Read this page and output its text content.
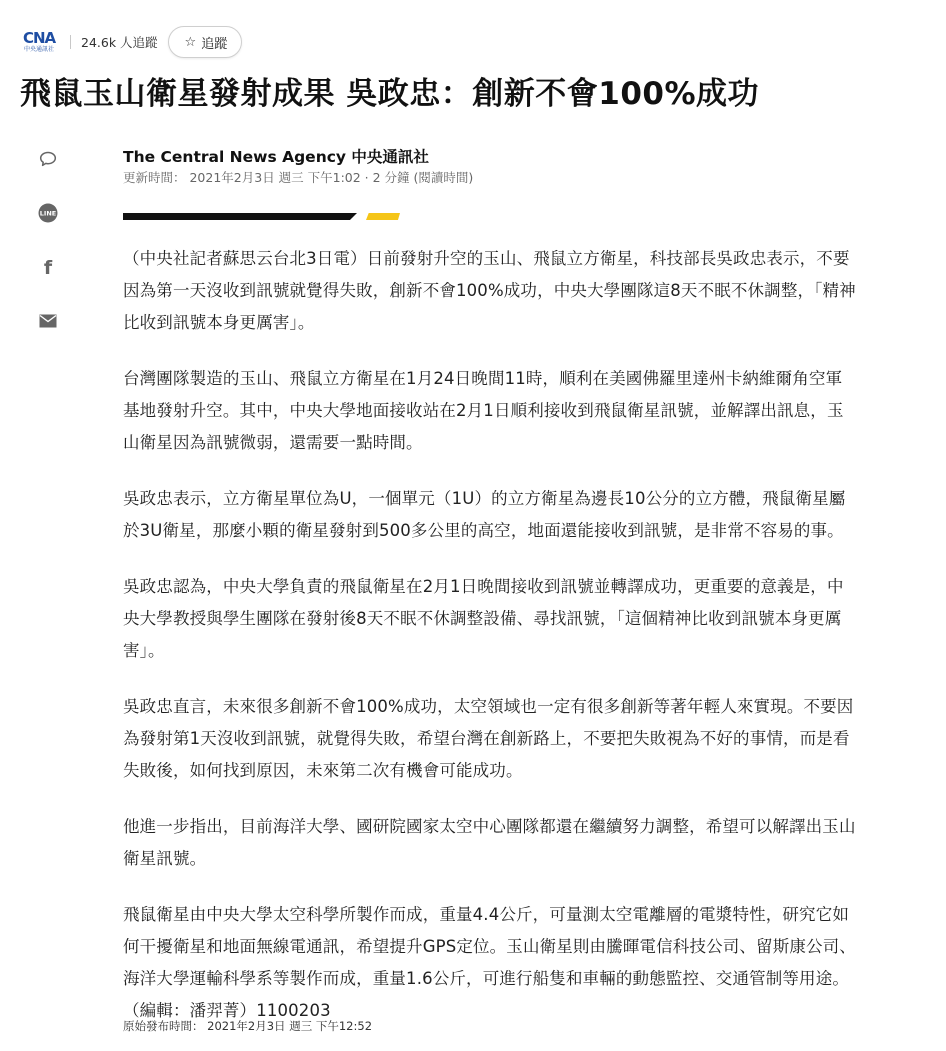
CNA
中央通訊社 24.6k 人追蹤 ☆ 追蹤
飛鼠玉山衛星發射成果 吳政忠：創新不會100%成功
LINE
f
The Central News Agency 中央通訊社
更新時間： 2021年2月3日 週三 下午1:02 · 2 分鐘 (閱讀時間)

（中央社記者蘇思云台北3日電）日前發射升空的玉山、飛鼠立方衛星，科技部長吳政忠表示，不要因為第一天沒收到訊號就覺得失敗，創新不會100%成功，中央大學團隊這8天不眠不休調整，「精神比收到訊號本身更厲害」。

台灣團隊製造的玉山、飛鼠立方衛星在1月24日晚間11時，順利在美國佛羅里達州卡納維爾角空軍基地發射升空。其中，中央大學地面接收站在2月1日順利接收到飛鼠衛星訊號，並解譯出訊息，玉山衛星因為訊號微弱，還需要一點時間。

吳政忠表示，立方衛星單位為U，一個單元（1U）的立方衛星為邊長10公分的立方體，飛鼠衛星屬於3U衛星，那麼小顆的衛星發射到500多公里的高空，地面還能接收到訊號，是非常不容易的事。

吳政忠認為，中央大學負責的飛鼠衛星在2月1日晚間接收到訊號並轉譯成功，更重要的意義是，中央大學教授與學生團隊在發射後8天不眠不休調整設備、尋找訊號，「這個精神比收到訊號本身更厲害」。

吳政忠直言，未來很多創新不會100%成功，太空領域也一定有很多創新等著年輕人來實現。不要因為發射第1天沒收到訊號，就覺得失敗，希望台灣在創新路上，不要把失敗視為不好的事情，而是看失敗後，如何找到原因，未來第二次有機會可能成功。

他進一步指出，目前海洋大學、國研院國家太空中心團隊都還在繼續努力調整，希望可以解譯出玉山衛星訊號。

飛鼠衛星由中央大學太空科學所製作而成，重量4.4公斤，可量測太空電離層的電漿特性，研究它如何干擾衛星和地面無線電通訊，希望提升GPS定位。玉山衛星則由騰暉電信科技公司、留斯康公司、海洋大學運輸科學系等製作而成，重量1.6公斤，可進行船隻和車輛的動態監控、交通管制等用途。（編輯：潘羿菁）1100203

原始發布時間： 2021年2月3日 週三 下午12:52
